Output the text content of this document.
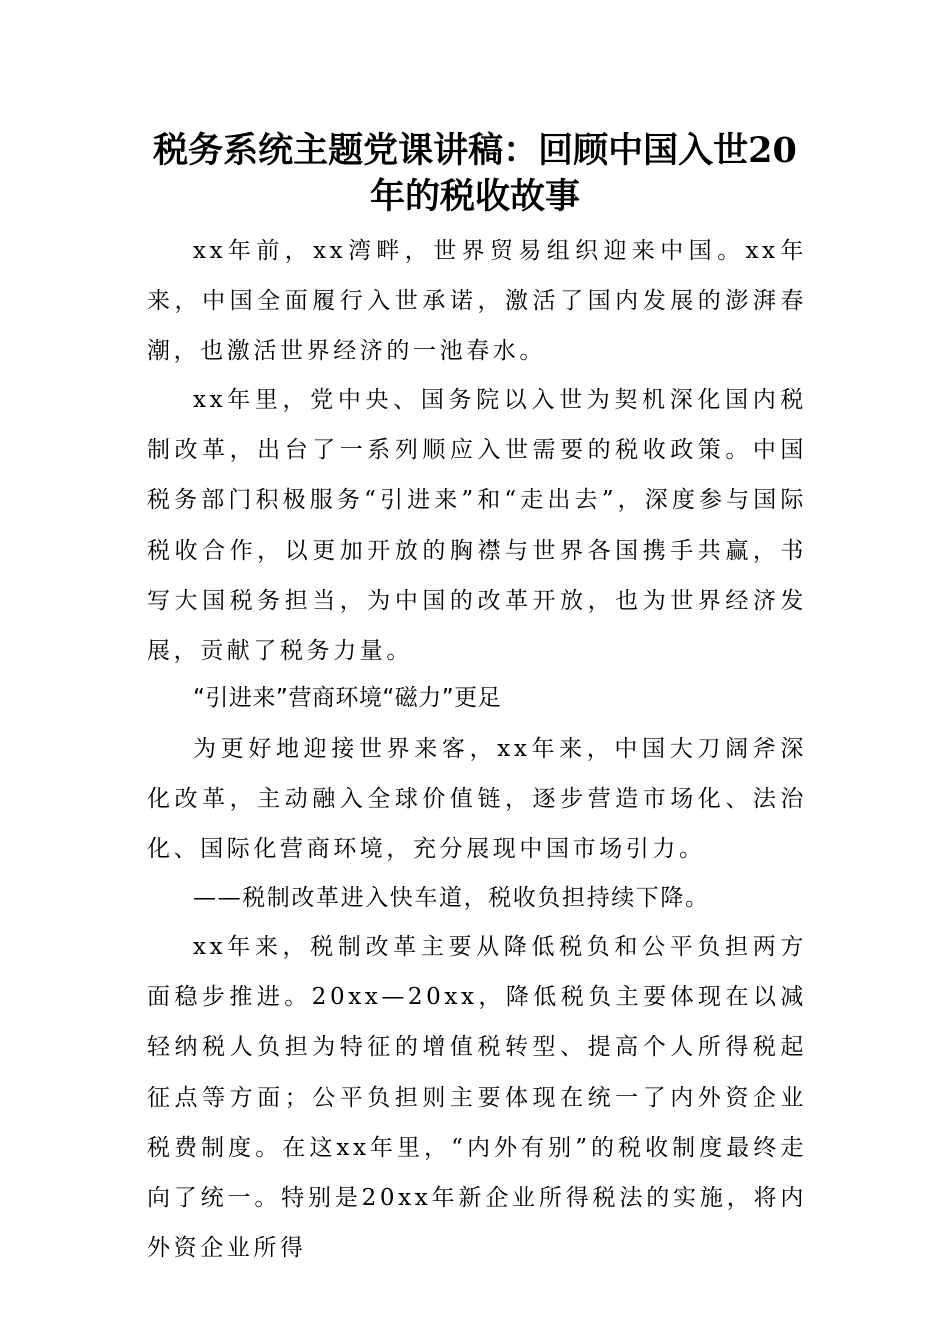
税务系统主题党课讲稿：回顾中国入世20
年的税收故事

xx年前，xx湾畔，世界贸易组织迎来中国。xx年来，中国全面履行入世承诺，激活了国内发展的澎湃春潮，也激活世界经济的一池春水。

xx年里，党中央、国务院以入世为契机深化国内税制改革，出台了一系列顺应入世需要的税收政策。中国税务部门积极服务“引进来”和“走出去”，深度参与国际税收合作，以更加开放的胸襟与世界各国携手共赢，书写大国税务担当，为中国的改革开放，也为世界经济发展，贡献了税务力量。

“引进来”营商环境“磁力”更足

为更好地迎接世界来客，xx年来，中国大刀阔斧深化改革，主动融入全球价值链，逐步营造市场化、法治化、国际化营商环境，充分展现中国市场引力。

——税制改革进入快车道，税收负担持续下降。

xx年来，税制改革主要从降低税负和公平负担两方面稳步推进。20xx—20xx，降低税负主要体现在以减轻纳税人负担为特征的增值税转型、提高个人所得税起征点等方面；公平负担则主要体现在统一了内外资企业税费制度。在这xx年里，“内外有别”的税收制度最终走向了统一。特别是20xx年新企业所得税法的实施，将内外资企业所得
